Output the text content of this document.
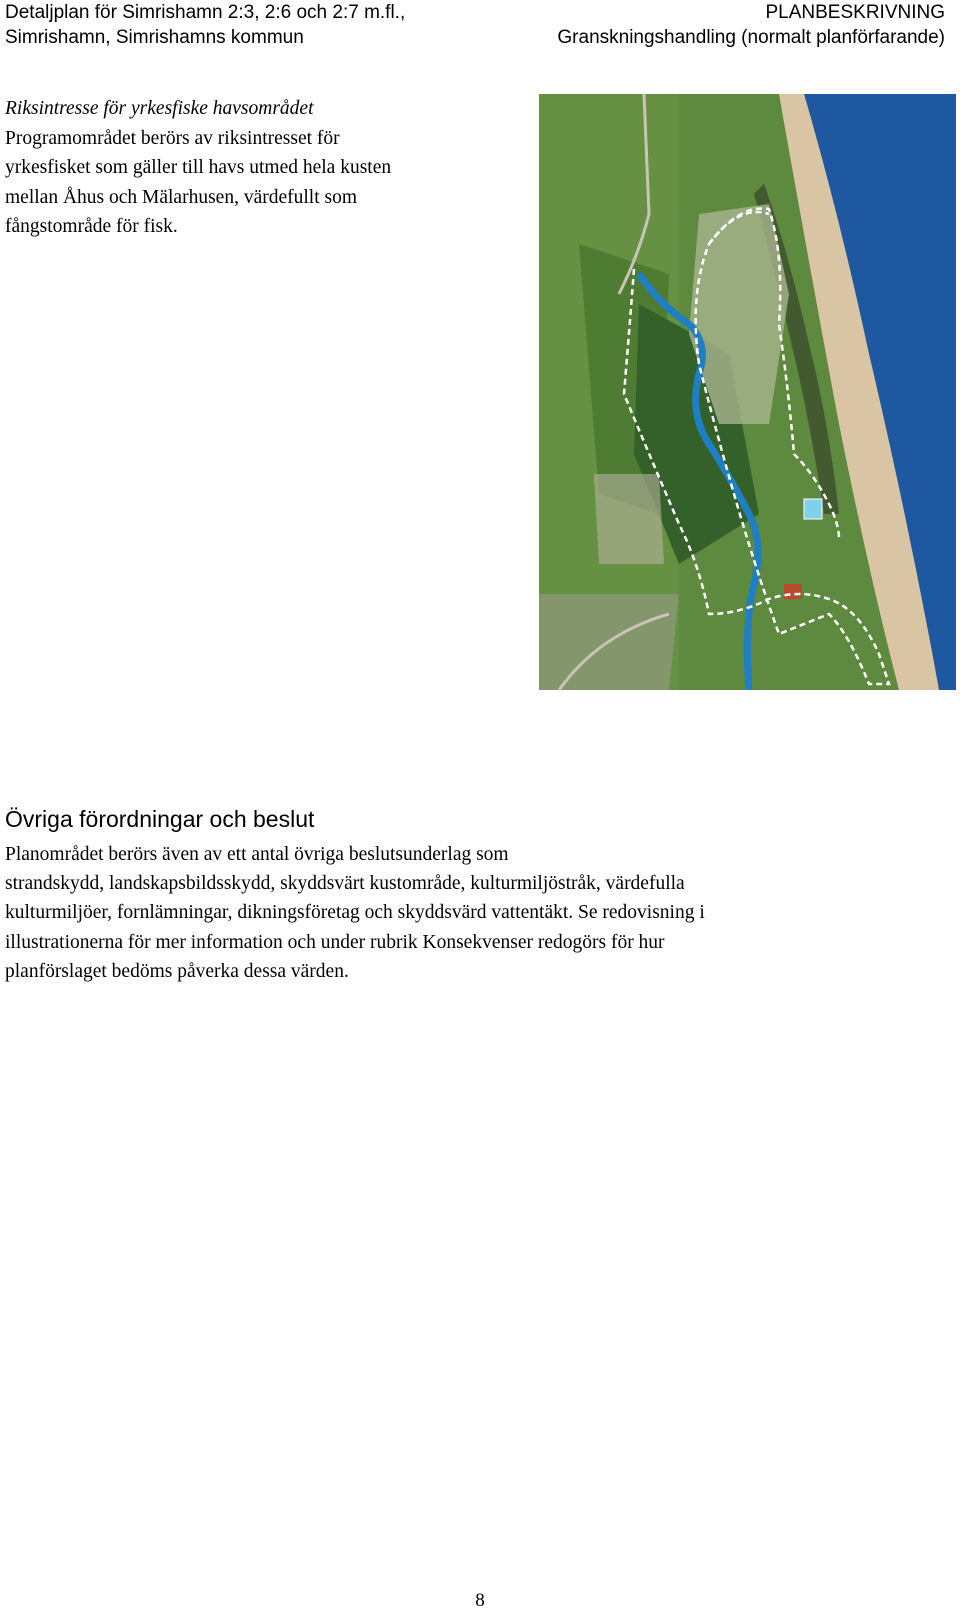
Detaljplan för Simrishamn 2:3, 2:6 och 2:7 m.fl.,
Simrishamn, Simrishamns kommun
PLANBESKRIVNING
Granskningshandling (normalt planförfarande)
Riksintresse för yrkesfiske havsområdet
Programområdet berörs av riksintresset för
yrkesfisket som gäller till havs utmed hela kusten
mellan Åhus och Mälarhusen, värdefullt som
fångstområde för fisk.
Övriga förordningar och beslut
Planområdet berörs även av ett antal övriga beslutsunderlag som
strandskydd, landskapsbildsskydd, skyddsvärt kustområde, kulturmiljöstråk, värdefulla
kulturmiljöer, fornlämningar, dikningsföretag och skyddsvärd vattentäkt. Se redovisning i
illustrationerna för mer information och under rubrik Konsekvenser redogörs för hur
planförslaget bedöms påverka dessa värden.
8
